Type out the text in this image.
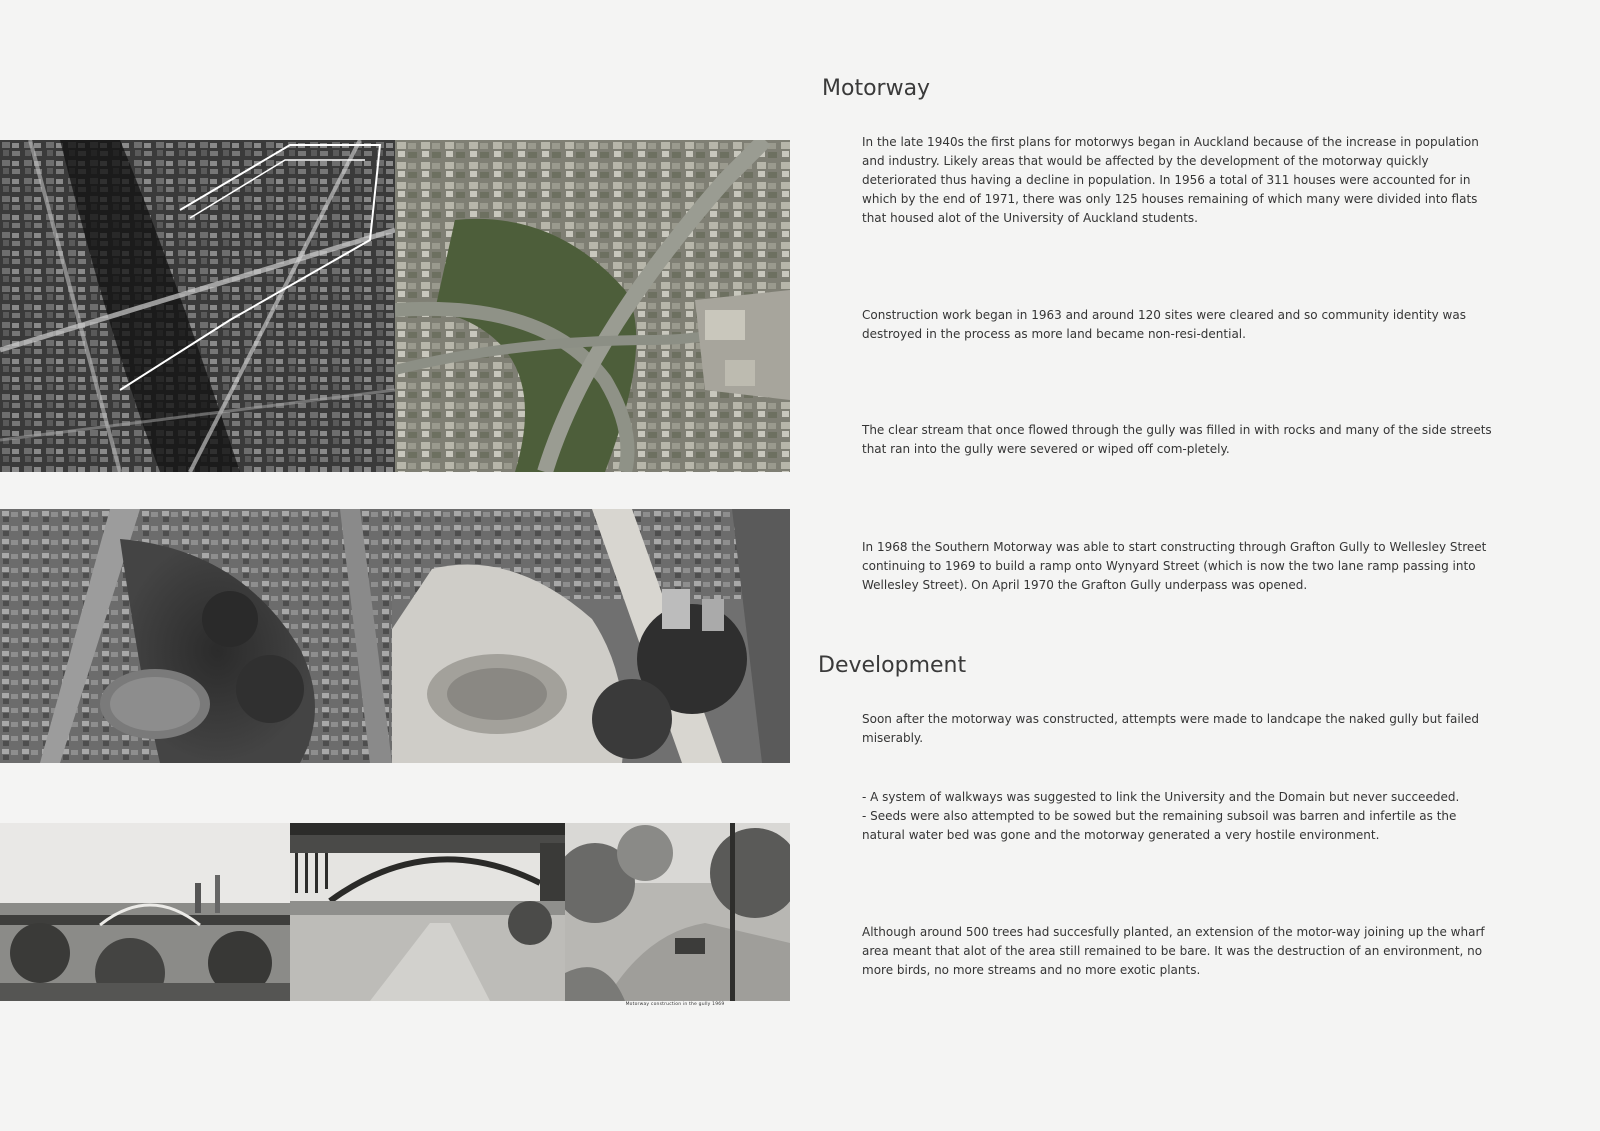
Motorway construction in the gully 1969
Motorway

In the late 1940s the first plans for motorwys began in Auckland because of the increase in population and industry. Likely areas that would be affected by the development of the motorway quickly deteriorated thus having a decline in population. In 1956 a total of 311 houses were accounted for in which by the end of 1971, there was only 125 houses remaining of which many were divided into flats that housed alot of the University of Auckland students.

Construction work began in 1963 and around 120 sites were cleared and so community identity was destroyed in the process as more land became non-resi-dential.

The clear stream that once flowed through the gully was filled in with rocks and many of the side streets that ran into the gully were severed or wiped off com-pletely.

In 1968 the Southern Motorway was able to start constructing through Grafton Gully to Wellesley Street continuing to 1969 to build a ramp onto Wynyard Street (which is now the two lane ramp passing into Wellesley Street). On April 1970 the Grafton Gully underpass was opened.

Development

Soon after the motorway was constructed, attempts were made to landcape the naked gully but failed miserably.

- A system of walkways was suggested to link the University and the Domain but never succeeded.
- Seeds were also attempted to be sowed but the remaining subsoil was barren and infertile as the natural water bed was gone and the motorway generated a very hostile environment.

Although around 500 trees had succesfully planted, an extension of the motor-way joining up the wharf area meant that alot of the area still remained to be bare. It was the destruction of an environment, no more birds, no more streams and no more exotic plants.
